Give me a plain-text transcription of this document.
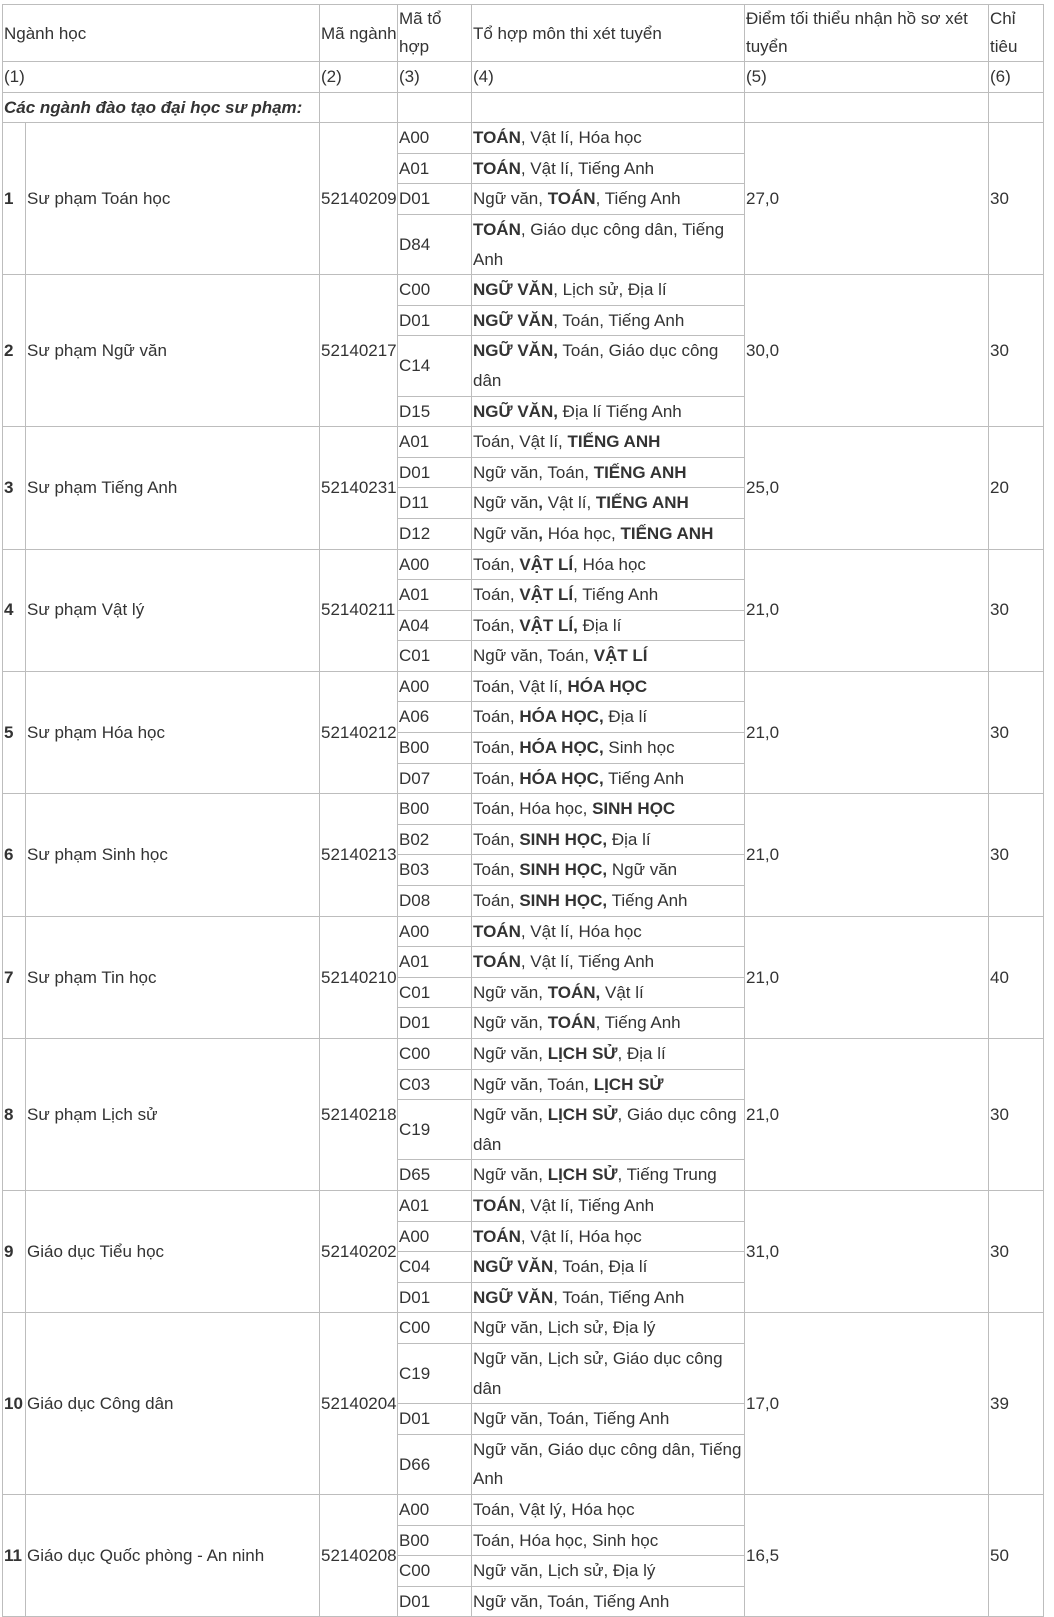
Ngành học		Mã ngành	Mã tổ hợp	Tổ hợp môn thi xét tuyển	Điểm tối thiểu nhận hồ sơ xét tuyển	Chỉ tiêu
(1)		(2)	(3)	(4)	(5)	(6)
Các ngành đào tạo đại học sư phạm:						
1	Sư phạm Toán học	52140209	A00	TOÁN, Vật lí, Hóa học	27,0	30
			A01	TOÁN, Vật lí, Tiếng Anh		
			D01	Ngữ văn, TOÁN, Tiếng Anh		
			D84	TOÁN, Giáo dục công dân, Tiếng Anh		
2	Sư phạm Ngữ văn	52140217	C00	NGỮ VĂN, Lịch sử, Địa lí	30,0	30
			D01	NGỮ VĂN, Toán, Tiếng Anh		
			C14	NGỮ VĂN, Toán, Giáo dục công dân		
			D15	NGỮ VĂN, Địa lí Tiếng Anh		
3	Sư phạm Tiếng Anh	52140231	A01	Toán, Vật lí, TIẾNG ANH	25,0	20
			D01	Ngữ văn, Toán, TIẾNG ANH		
			D11	Ngữ văn, Vật lí, TIẾNG ANH		
			D12	Ngữ văn, Hóa học, TIẾNG ANH		
4	Sư phạm Vật lý	52140211	A00	Toán, VẬT LÍ, Hóa học	21,0	30
			A01	Toán, VẬT LÍ, Tiếng Anh		
			A04	Toán, VẬT LÍ, Địa lí		
			C01	Ngữ văn, Toán, VẬT LÍ		
5	Sư phạm Hóa học	52140212	A00	Toán, Vật lí, HÓA HỌC	21,0	30
			A06	Toán, HÓA HỌC, Địa lí		
			B00	Toán, HÓA HỌC, Sinh học		
			D07	Toán, HÓA HỌC, Tiếng Anh		
6	Sư phạm Sinh học	52140213	B00	Toán, Hóa học, SINH HỌC	21,0	30
			B02	Toán, SINH HỌC, Địa lí		
			B03	Toán, SINH HỌC, Ngữ văn		
			D08	Toán, SINH HỌC, Tiếng Anh		
7	Sư phạm Tin học	52140210	A00	TOÁN, Vật lí, Hóa học	21,0	40
			A01	TOÁN, Vật lí, Tiếng Anh		
			C01	Ngữ văn, TOÁN, Vật lí		
			D01	Ngữ văn, TOÁN, Tiếng Anh		
8	Sư phạm Lịch sử	52140218	C00	Ngữ văn, LỊCH SỬ, Địa lí	21,0	30
			C03	Ngữ văn, Toán, LỊCH SỬ		
			C19	Ngữ văn, LỊCH SỬ, Giáo dục công dân		
			D65	Ngữ văn, LỊCH SỬ, Tiếng Trung		
9	Giáo dục Tiểu học	52140202	A01	TOÁN, Vật lí, Tiếng Anh	31,0	30
			A00	TOÁN, Vật lí, Hóa học		
			C04	NGỮ VĂN, Toán, Địa lí		
			D01	NGỮ VĂN, Toán, Tiếng Anh		
10	Giáo dục Công dân	52140204	C00	Ngữ văn, Lịch sử, Địa lý	17,0	39
			C19	Ngữ văn, Lịch sử, Giáo dục công dân		
			D01	Ngữ văn, Toán, Tiếng Anh		
			D66	Ngữ văn, Giáo dục công dân, Tiếng Anh		
11	Giáo dục Quốc phòng - An ninh	52140208	A00	Toán, Vật lý, Hóa học	16,5	50
			B00	Toán, Hóa học, Sinh học		
			C00	Ngữ văn, Lịch sử, Địa lý		
			D01	Ngữ văn, Toán, Tiếng Anh		
